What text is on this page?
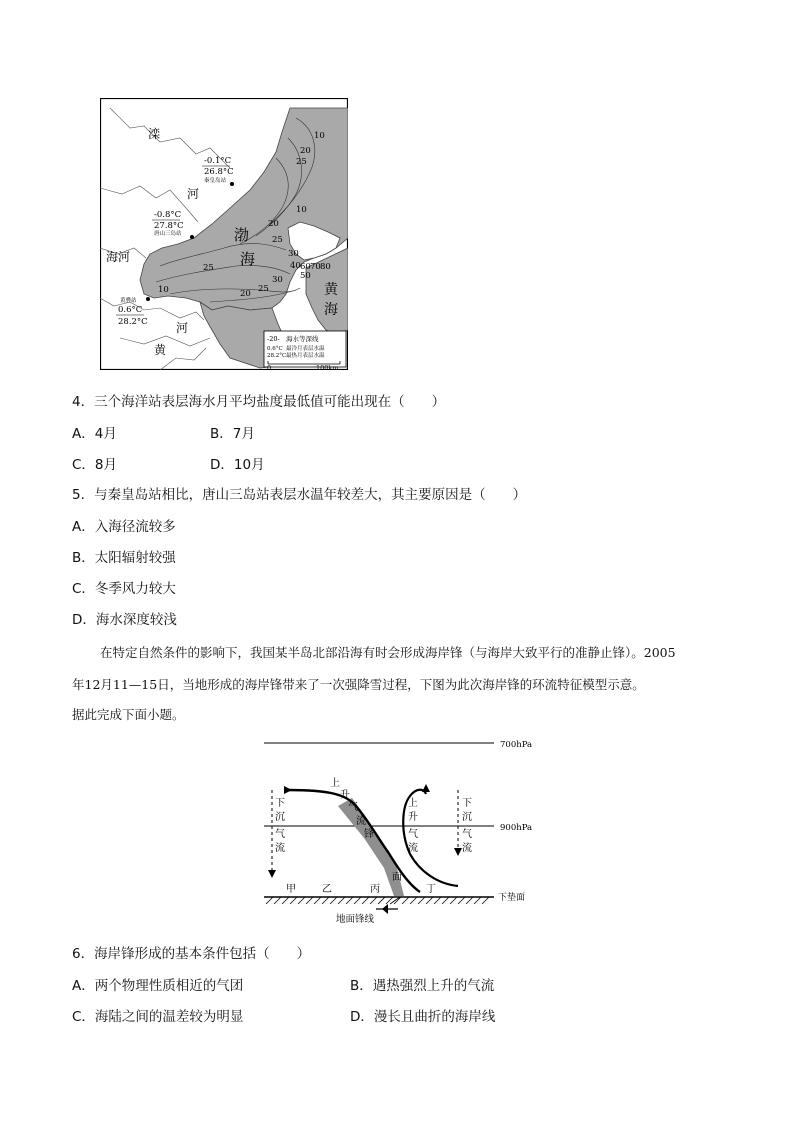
滦
河
海河
河
黄
渤
海
黄
海
-0.1°C
26.8°C
秦皇岛站
-0.8°C
27.8°C
唐山三岛站
黄骅站
0.6°C
28.2°C
10
20
25
10
20
25
30
40
50
60 70 80
30
25
20
10
25
-20- 海水等深线
0.6°C 最冷月表层水温
28.2°C 最热月表层水温
0	100km
4．三个海洋站表层海水月平均盐度最低值可能出现在（　　）
A．4月	B．7月
C．8月	D．10月
5．与秦皇岛站相比，唐山三岛站表层水温年较差大，其主要原因是（　　）
A．入海径流较多
B．太阳辐射较强
C．冬季风力较大
D．海水深度较浅
在特定自然条件的影响下，我国某半岛北部沿海有时会形成海岸锋（与海岸大致平行的准静止锋）。2005
年12月11—15日，当地形成的海岸锋带来了一次强降雪过程，下图为此次海岸锋的环流特征模型示意。
据此完成下面小题。
700hPa
900hPa
下
沉
气
流
下
沉
气
流
上
升
气
流
上
升
气
流
锋
面
下垫面
甲	乙	丙	丁
地面锋线
6．海岸锋形成的基本条件包括（　　）
A．两个物理性质相近的气团	B．遇热强烈上升的气流
C．海陆之间的温差较为明显	D．漫长且曲折的海岸线
